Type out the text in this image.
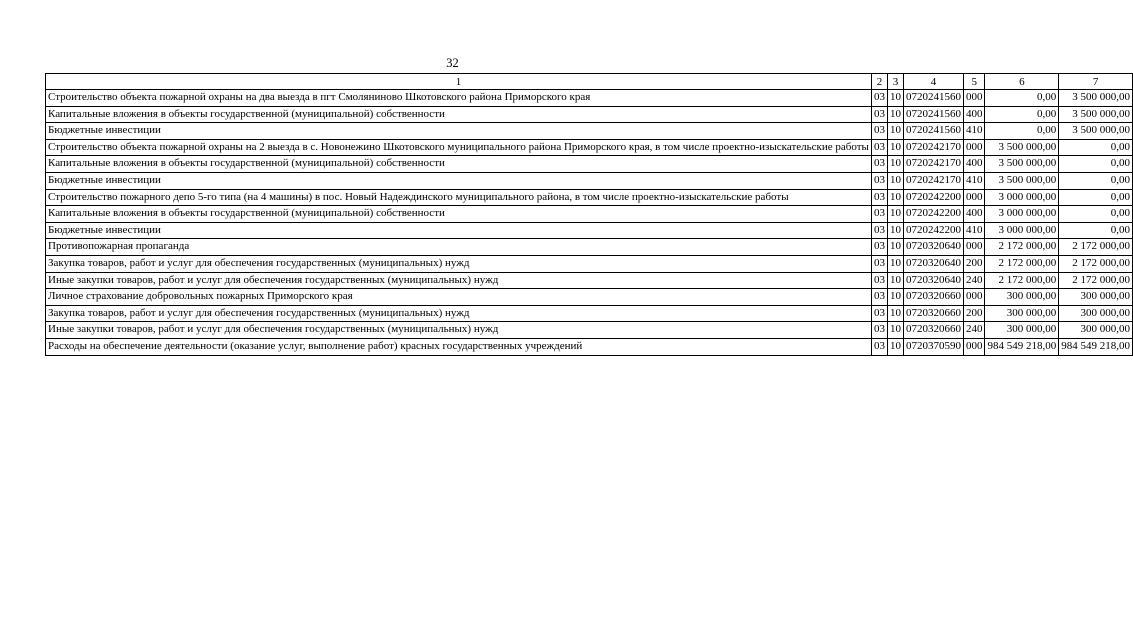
32
1	2	3	4	5	6	7
Строительство объекта пожарной охраны на два выезда в пгт Смоляниново Шкотовского района Приморского края	03	10	0720241560	000	0,00	3 500 000,00
Капитальные вложения в объекты государственной (муниципальной) собственности	03	10	0720241560	400	0,00	3 500 000,00
Бюджетные инвестиции	03	10	0720241560	410	0,00	3 500 000,00
Строительство объекта пожарной охраны на 2 выезда в с. Новонежино Шкотовского муниципального района Приморского края, в том числе проектно-изыскательские работы	03	10	0720242170	000	3 500 000,00	0,00
Капитальные вложения в объекты государственной (муниципальной) собственности	03	10	0720242170	400	3 500 000,00	0,00
Бюджетные инвестиции	03	10	0720242170	410	3 500 000,00	0,00
Строительство пожарного депо 5-го типа (на 4 машины) в пос. Новый Надеждинского муниципального района, в том числе проектно-изыскательские работы	03	10	0720242200	000	3 000 000,00	0,00
Капитальные вложения в объекты государственной (муниципальной) собственности	03	10	0720242200	400	3 000 000,00	0,00
Бюджетные инвестиции	03	10	0720242200	410	3 000 000,00	0,00
Противопожарная пропаганда	03	10	0720320640	000	2 172 000,00	2 172 000,00
Закупка товаров, работ и услуг для обеспечения государственных (муниципальных) нужд	03	10	0720320640	200	2 172 000,00	2 172 000,00
Иные закупки товаров, работ и услуг для обеспечения государственных (муниципальных) нужд	03	10	0720320640	240	2 172 000,00	2 172 000,00
Личное страхование добровольных пожарных Приморского края	03	10	0720320660	000	300 000,00	300 000,00
Закупка товаров, работ и услуг для обеспечения государственных (муниципальных) нужд	03	10	0720320660	200	300 000,00	300 000,00
Иные закупки товаров, работ и услуг для обеспечения государственных (муниципальных) нужд	03	10	0720320660	240	300 000,00	300 000,00
Расходы на обеспечение деятельности (оказание услуг, выполнение работ) красных государственных учреждений	03	10	0720370590	000	984 549 218,00	984 549 218,00
